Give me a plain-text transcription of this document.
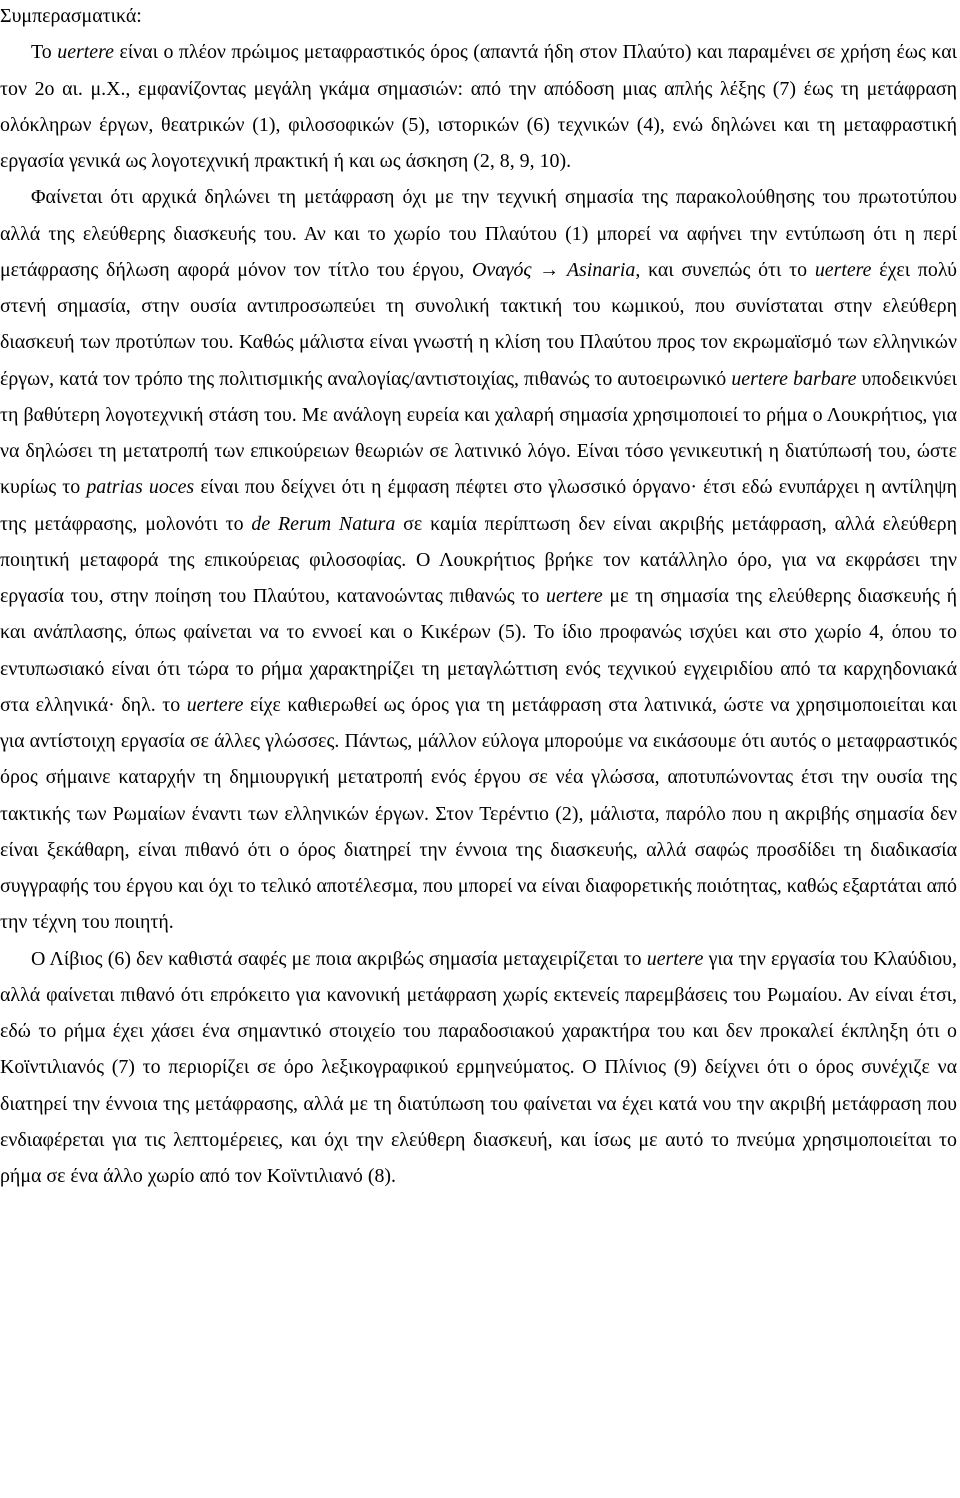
Συμπερασματικά:

Το uertere είναι ο πλέον πρώιμος μεταφραστικός όρος (απαντά ήδη στον Πλαύτο) και παραμένει σε χρήση έως και τον 2ο αι. μ.Χ., εμφανίζοντας μεγάλη γκάμα σημασιών: από την απόδοση μιας απλής λέξης (7) έως τη μετάφραση ολόκληρων έργων, θεατρικών (1), φιλοσοφικών (5), ιστορικών (6) τεχνικών (4), ενώ δηλώνει και τη μεταφραστική εργασία γενικά ως λογοτεχνική πρακτική ή και ως άσκηση (2, 8, 9, 10).

Φαίνεται ότι αρχικά δηλώνει τη μετάφραση όχι με την τεχνική σημασία της παρακολούθησης του πρωτοτύπου αλλά της ελεύθερης διασκευής του. Αν και το χωρίο του Πλαύτου (1) μπορεί να αφήνει την εντύπωση ότι η περί μετάφρασης δήλωση αφορά μόνον τον τίτλο του έργου, Οναγός → Asinaria, και συνεπώς ότι το uertere έχει πολύ στενή σημασία, στην ουσία αντιπροσωπεύει τη συνολική τακτική του κωμικού, που συνίσταται στην ελεύθερη διασκευή των προτύπων του. Καθώς μάλιστα είναι γνωστή η κλίση του Πλαύτου προς τον εκρωμαϊσμό των ελληνικών έργων, κατά τον τρόπο της πολιτισμικής αναλογίας/αντιστοιχίας, πιθανώς το αυτοειρωνικό uertere barbare υποδεικνύει τη βαθύτερη λογοτεχνική στάση του. Με ανάλογη ευρεία και χαλαρή σημασία χρησιμοποιεί το ρήμα ο Λουκρήτιος, για να δηλώσει τη μετατροπή των επικούρειων θεωριών σε λατινικό λόγο. Είναι τόσο γενικευτική η διατύπωσή του, ώστε κυρίως το patrias uoces είναι που δείχνει ότι η έμφαση πέφτει στο γλωσσικό όργανο· έτσι εδώ ενυπάρχει η αντίληψη της μετάφρασης, μολονότι το de Rerum Natura σε καμία περίπτωση δεν είναι ακριβής μετάφραση, αλλά ελεύθερη ποιητική μεταφορά της επικούρειας φιλοσοφίας. Ο Λουκρήτιος βρήκε τον κατάλληλο όρο, για να εκφράσει την εργασία του, στην ποίηση του Πλαύτου, κατανοώντας πιθανώς το uertere με τη σημασία της ελεύθερης διασκευής ή και ανάπλασης, όπως φαίνεται να το εννοεί και ο Κικέρων (5). Το ίδιο προφανώς ισχύει και στο χωρίο 4, όπου το εντυπωσιακό είναι ότι τώρα το ρήμα χαρακτηρίζει τη μεταγλώττιση ενός τεχνικού εγχειριδίου από τα καρχηδονιακά στα ελληνικά· δηλ. το uertere είχε καθιερωθεί ως όρος για τη μετάφραση στα λατινικά, ώστε να χρησιμοποιείται και για αντίστοιχη εργασία σε άλλες γλώσσες. Πάντως, μάλλον εύλογα μπορούμε να εικάσουμε ότι αυτός ο μεταφραστικός όρος σήμαινε καταρχήν τη δημιουργική μετατροπή ενός έργου σε νέα γλώσσα, αποτυπώνοντας έτσι την ουσία της τακτικής των Ρωμαίων έναντι των ελληνικών έργων. Στον Τερέντιο (2), μάλιστα, παρόλο που η ακριβής σημασία δεν είναι ξεκάθαρη, είναι πιθανό ότι ο όρος διατηρεί την έννοια της διασκευής, αλλά σαφώς προσδίδει τη διαδικασία συγγραφής του έργου και όχι το τελικό αποτέλεσμα, που μπορεί να είναι διαφορετικής ποιότητας, καθώς εξαρτάται από την τέχνη του ποιητή.

Ο Λίβιος (6) δεν καθιστά σαφές με ποια ακριβώς σημασία μεταχειρίζεται το uertere για την εργασία του Κλαύδιου, αλλά φαίνεται πιθανό ότι επρόκειτο για κανονική μετάφραση χωρίς εκτενείς παρεμβάσεις του Ρωμαίου. Αν είναι έτσι, εδώ το ρήμα έχει χάσει ένα σημαντικό στοιχείο του παραδοσιακού χαρακτήρα του και δεν προκαλεί έκπληξη ότι ο Κοϊντιλιανός (7) το περιορίζει σε όρο λεξικογραφικού ερμηνεύματος. Ο Πλίνιος (9) δείχνει ότι ο όρος συνέχιζε να διατηρεί την έννοια της μετάφρασης, αλλά με τη διατύπωση του φαίνεται να έχει κατά νου την ακριβή μετάφραση που ενδιαφέρεται για τις λεπτομέρειες, και όχι την ελεύθερη διασκευή, και ίσως με αυτό το πνεύμα χρησιμοποιείται το ρήμα σε ένα άλλο χωρίο από τον Κοϊντιλιανό (8).
